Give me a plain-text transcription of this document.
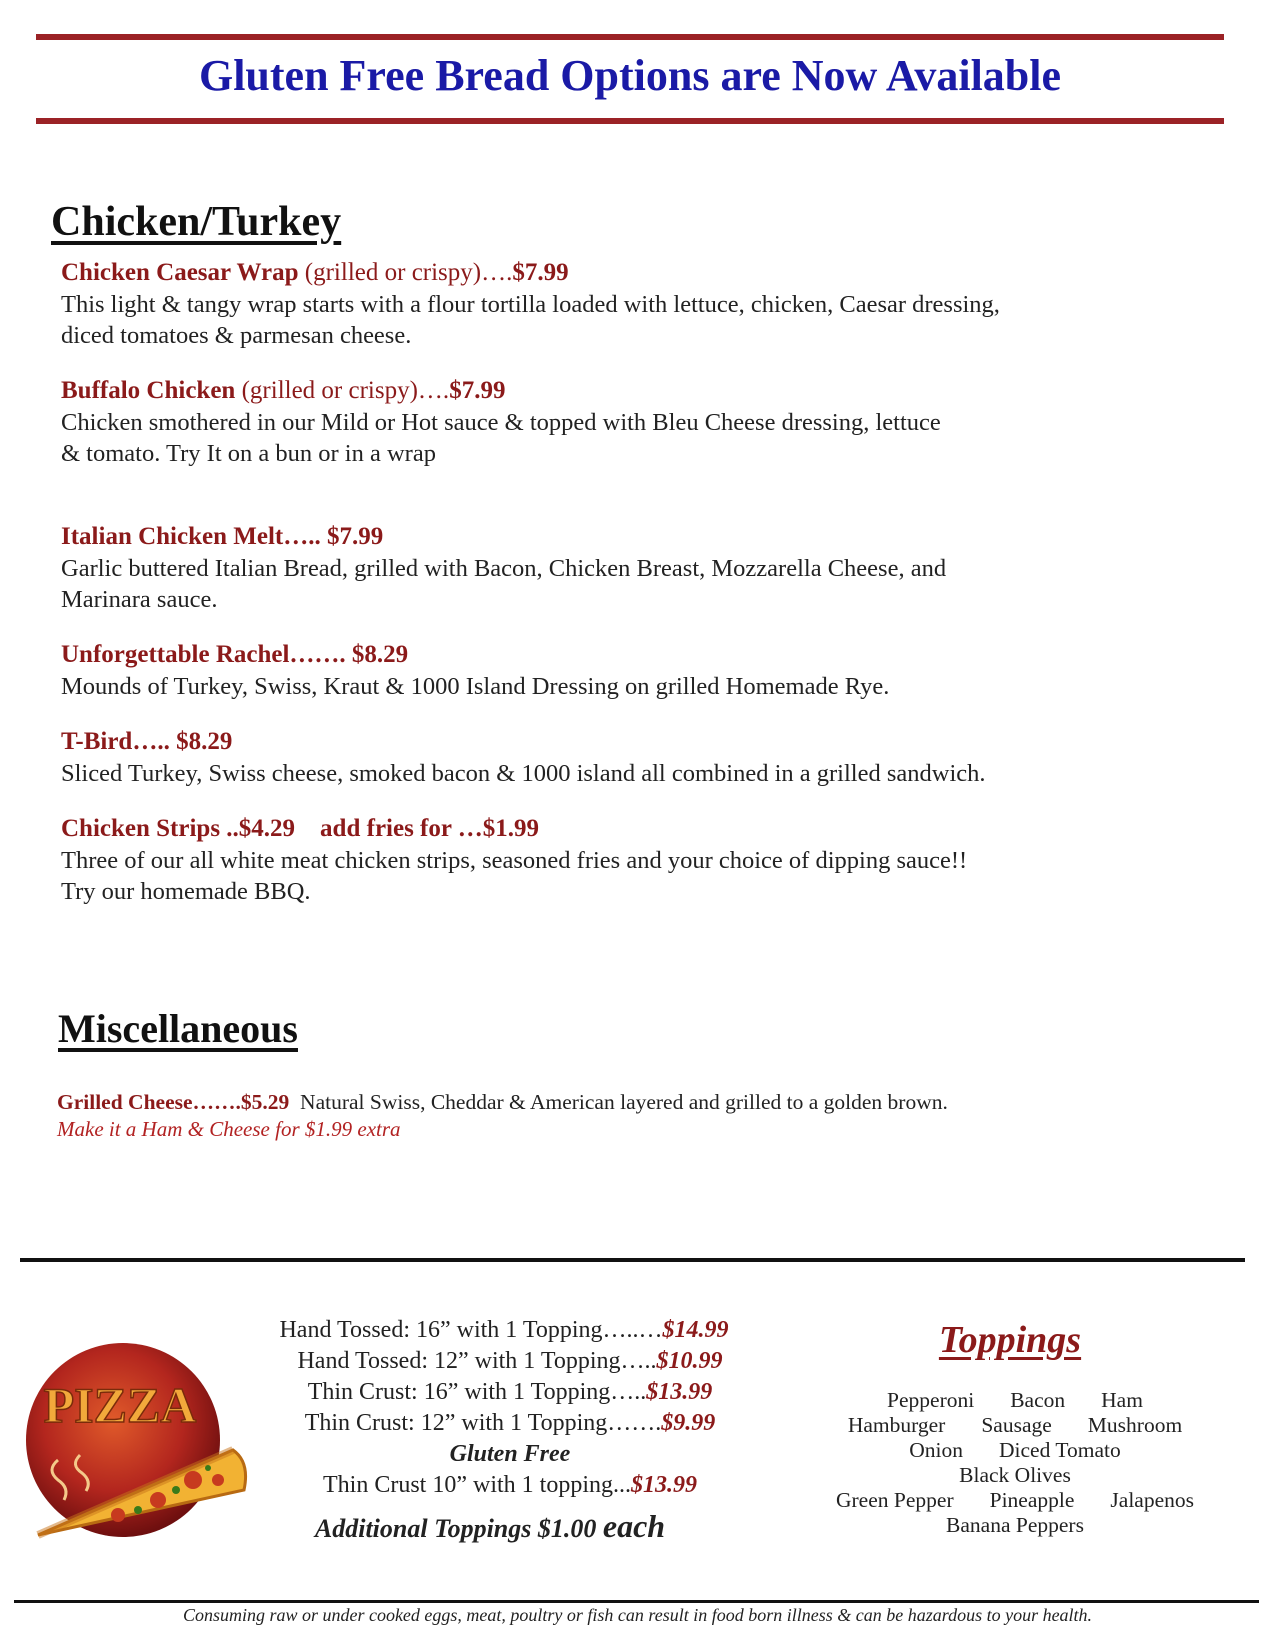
Gluten Free Bread Options are Now Available
Chicken/Turkey
Chicken Caesar Wrap (grilled or crispy)….$7.99
This light & tangy wrap starts with a flour tortilla loaded with lettuce, chicken, Caesar dressing,
diced tomatoes & parmesan cheese.
Buffalo Chicken (grilled or crispy)….$7.99
Chicken smothered in our Mild or Hot sauce & topped with Bleu Cheese dressing, lettuce
& tomato. Try It on a bun or in a wrap
Italian Chicken Melt….. $7.99
Garlic buttered Italian Bread, grilled with Bacon, Chicken Breast, Mozzarella Cheese, and
Marinara sauce.
Unforgettable Rachel……. $8.29
Mounds of Turkey, Swiss, Kraut & 1000 Island Dressing on grilled Homemade Rye.
T-Bird….. $8.29
Sliced Turkey, Swiss cheese, smoked bacon & 1000 island all combined in a grilled sandwich.
Chicken Strips ..$4.29    add fries for …$1.99
Three of our all white meat chicken strips, seasoned fries and your choice of dipping sauce!!
Try our homemade BBQ.
Miscellaneous
Grilled Cheese…….$5.29  Natural Swiss, Cheddar & American layered and grilled to a golden brown.
Make it a Ham & Cheese for $1.99 extra
PIZZA
Hand Tossed: 16” with 1 Topping…..…$14.99
Hand Tossed: 12” with 1 Topping…..$10.99
Thin Crust: 16” with 1 Topping…..$13.99
Thin Crust: 12” with 1 Topping…….$9.99
Gluten Free
Thin Crust 10” with 1 topping...$13.99
Additional Toppings $1.00 each
Toppings
Pepperoni Bacon Ham
Hamburger Sausage Mushroom
Onion Diced Tomato
Black Olives
Green Pepper Pineapple Jalapenos
Banana Peppers
Consuming raw or under cooked eggs, meat, poultry or fish can result in food born illness & can be hazardous to your health.
